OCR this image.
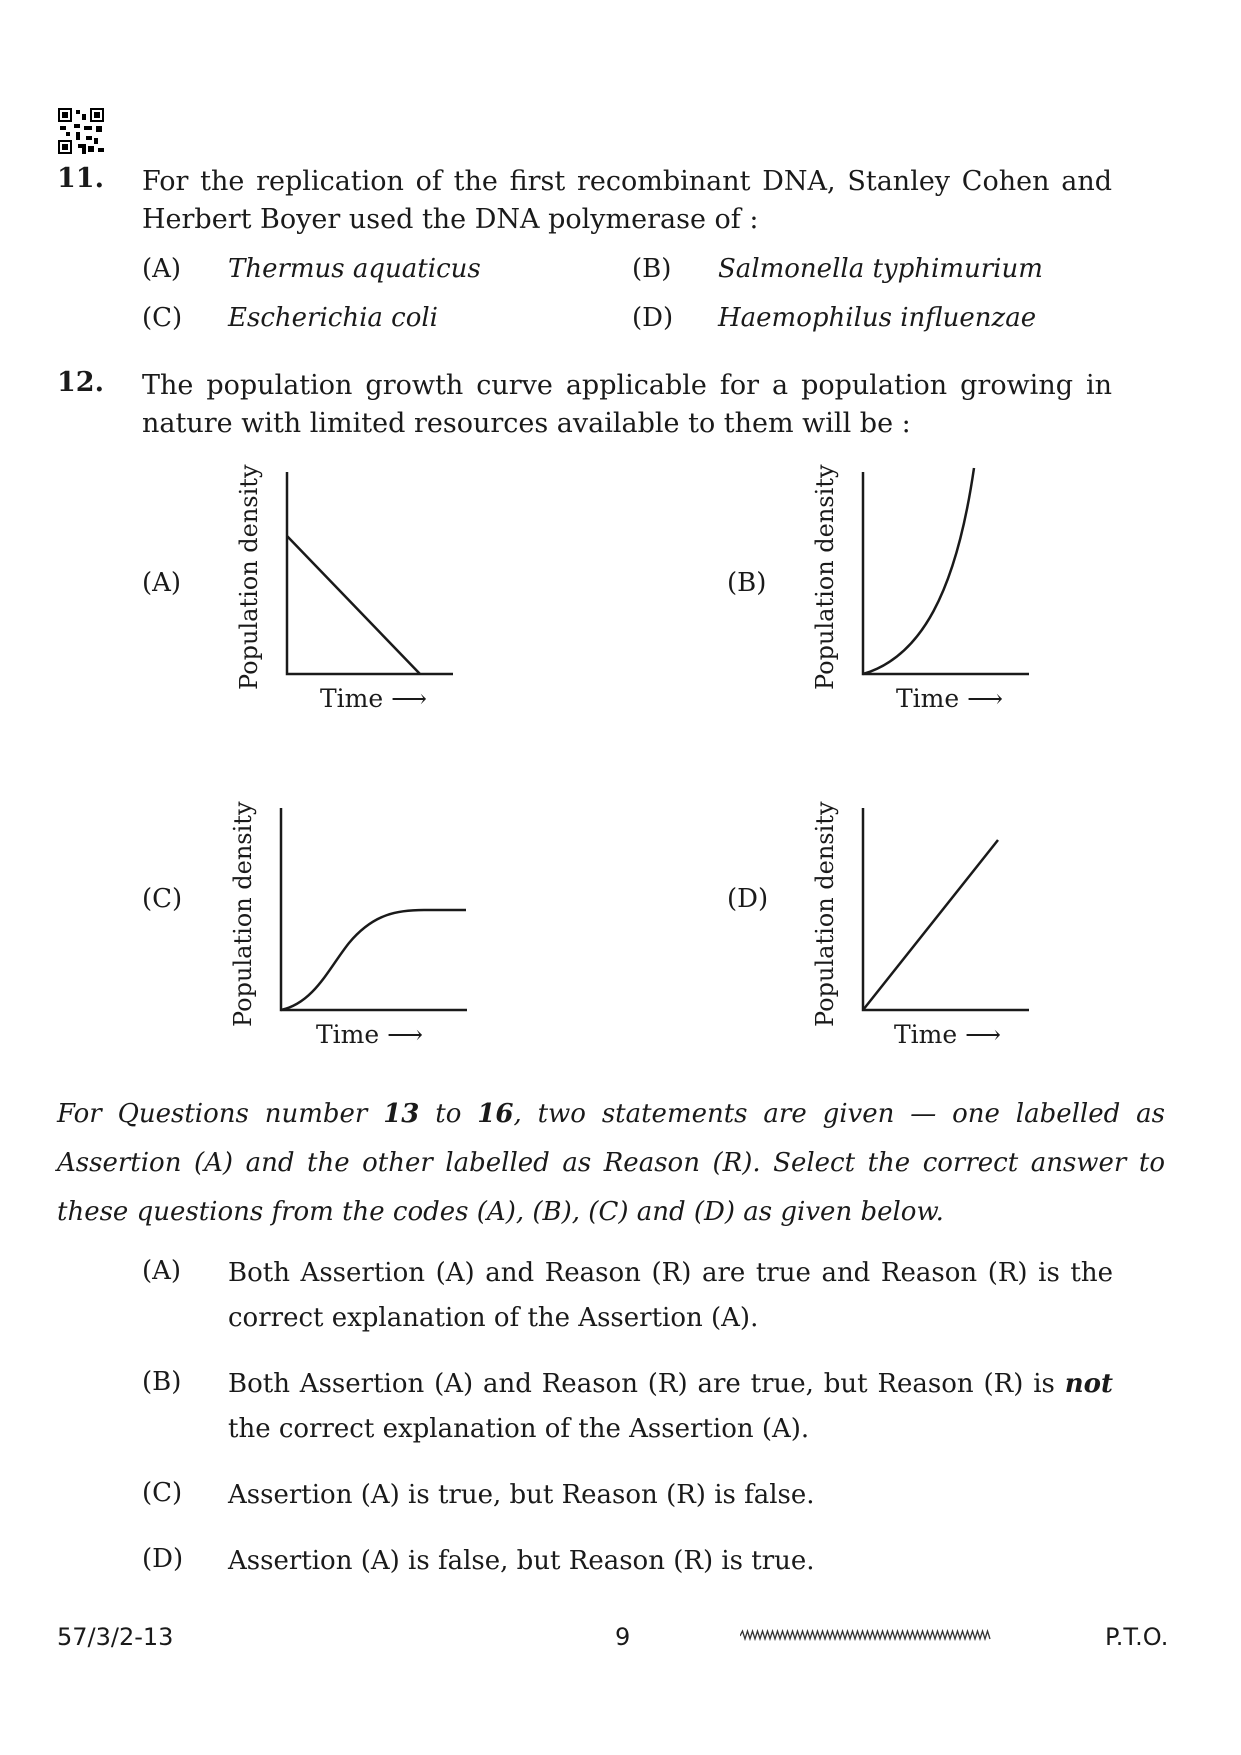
11. For the replication of the first recombinant DNA, Stanley Cohen and
Herbert Boyer used the DNA polymerase of :
(A) Thermus aquaticus	(B) Salmonella typhimurium
(C) Escherichia coli	(D) Haemophilus influenzae
12. The population growth curve applicable for a population growing in
nature with limited resources available to them will be :
(A) Population density
Time ⟶
(B) Population density
Time ⟶
(C) Population density
Time ⟶
(D) Population density
Time ⟶
For Questions number 13 to 16, two statements are given — one labelled as Assertion (A) and the other labelled as Reason (R). Select the correct answer to these questions from the codes (A), (B), (C) and (D) as given below.
(A) Both Assertion (A) and Reason (R) are true and Reason (R) is the
correct explanation of the Assertion (A).
(B) Both Assertion (A) and Reason (R) are true, but Reason (R) is not
the correct explanation of the Assertion (A).
(C) Assertion (A) is true, but Reason (R) is false.
(D) Assertion (A) is false, but Reason (R) is true.
57/3/2-13	9	P.T.O.
